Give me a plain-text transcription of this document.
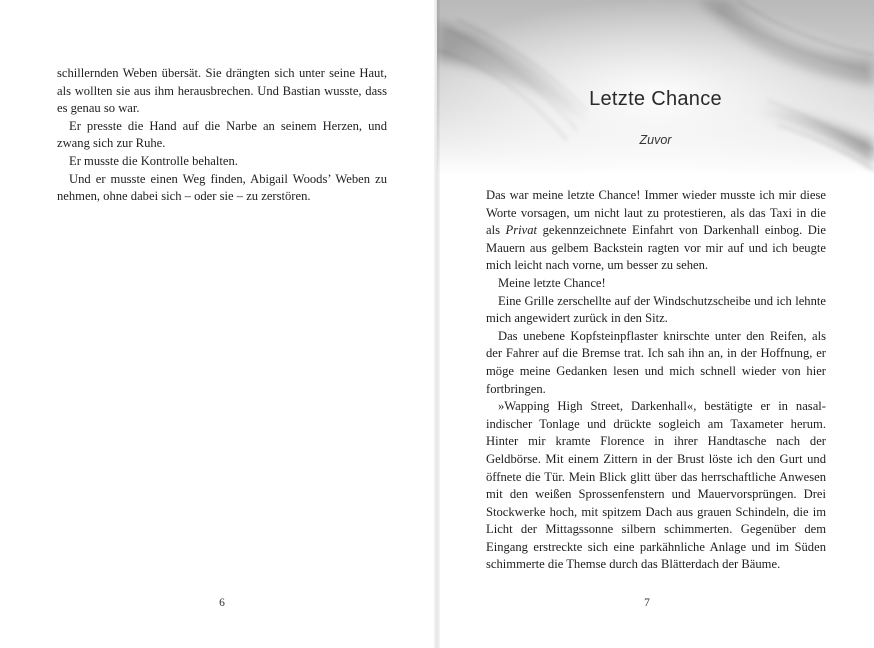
schillernden Weben übersät. Sie drängten sich unter seine Haut, als wollten sie aus ihm herausbrechen. Und Bastian wusste, dass es genau so war.

Er presste die Hand auf die Narbe an seinem Herzen, und zwang sich zur Ruhe.

Er musste die Kontrolle behalten.

Und er musste einen Weg finden, Abigail Woods’ Weben zu nehmen, ohne dabei sich – oder sie – zu zerstören.

6
Letzte Chance
Zuvor

Das war meine letzte Chance! Immer wieder musste ich mir diese Worte vorsagen, um nicht laut zu protestieren, als das Taxi in die als Privat gekennzeichnete Einfahrt von Darkenhall einbog. Die Mauern aus gelbem Backstein ragten vor mir auf und ich beugte mich leicht nach vorne, um besser zu sehen.

Meine letzte Chance!

Eine Grille zerschellte auf der Windschutzscheibe und ich lehnte mich angewidert zurück in den Sitz.

Das unebene Kopfsteinpflaster knirschte unter den Reifen, als der Fahrer auf die Bremse trat. Ich sah ihn an, in der Hoffnung, er möge meine Gedanken lesen und mich schnell wieder von hier fortbringen.

»Wapping High Street, Darkenhall«, bestätigte er in nasal-indischer Tonlage und drückte sogleich am Taxameter herum. Hinter mir kramte Florence in ihrer Handtasche nach der Geldbörse. Mit einem Zittern in der Brust löste ich den Gurt und öffnete die Tür. Mein Blick glitt über das herrschaftliche Anwesen mit den weißen Sprossenfenstern und Mauervorsprüngen. Drei Stockwerke hoch, mit spitzem Dach aus grauen Schindeln, die im Licht der Mittagssonne silbern schimmerten. Gegenüber dem Eingang erstreckte sich eine parkähnliche Anlage und im Süden schimmerte die Themse durch das Blätterdach der Bäume.

7
